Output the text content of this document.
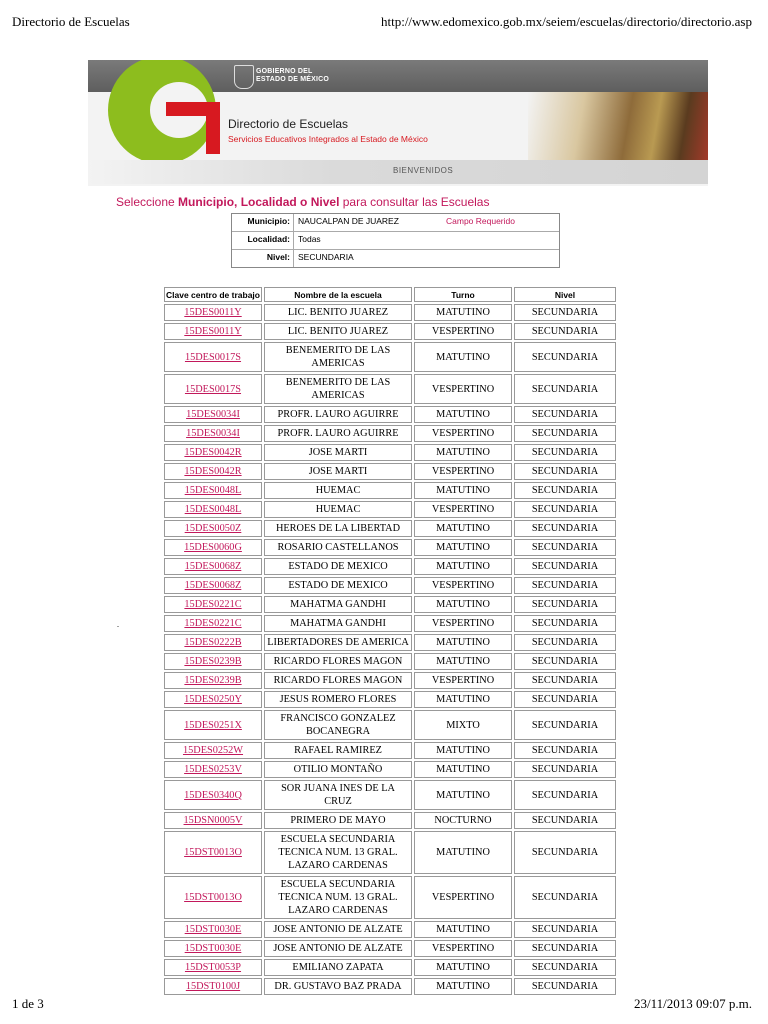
Directorio de Escuelas	http://www.edomexico.gob.mx/seiem/escuelas/directorio/directorio.asp
GOBIERNO DEL
ESTADO DE MÉXICO
Directorio de Escuelas
Servicios Educativos Integrados al Estado de México
BIENVENIDOS
Seleccione Municipio, Localidad o Nivel para consultar las Escuelas
Municipio: NAUCALPAN DE JUAREZ	Campo Requerido
Localidad: Todas
Nivel: SECUNDARIA
.
Clave centro de trabajo	Nombre de la escuela	Turno	Nivel
15DES0011Y	LIC. BENITO JUAREZ	MATUTINO	SECUNDARIA
15DES0011Y	LIC. BENITO JUAREZ	VESPERTINO	SECUNDARIA
15DES0017S	BENEMERITO DE LAS AMERICAS	MATUTINO	SECUNDARIA
15DES0017S	BENEMERITO DE LAS AMERICAS	VESPERTINO	SECUNDARIA
15DES0034I	PROFR. LAURO AGUIRRE	MATUTINO	SECUNDARIA
15DES0034I	PROFR. LAURO AGUIRRE	VESPERTINO	SECUNDARIA
15DES0042R	JOSE MARTI	MATUTINO	SECUNDARIA
15DES0042R	JOSE MARTI	VESPERTINO	SECUNDARIA
15DES0048L	HUEMAC	MATUTINO	SECUNDARIA
15DES0048L	HUEMAC	VESPERTINO	SECUNDARIA
15DES0050Z	HEROES DE LA LIBERTAD	MATUTINO	SECUNDARIA
15DES0060G	ROSARIO CASTELLANOS	MATUTINO	SECUNDARIA
15DES0068Z	ESTADO DE MEXICO	MATUTINO	SECUNDARIA
15DES0068Z	ESTADO DE MEXICO	VESPERTINO	SECUNDARIA
15DES0221C	MAHATMA GANDHI	MATUTINO	SECUNDARIA
15DES0221C	MAHATMA GANDHI	VESPERTINO	SECUNDARIA
15DES0222B	LIBERTADORES DE AMERICA	MATUTINO	SECUNDARIA
15DES0239B	RICARDO FLORES MAGON	MATUTINO	SECUNDARIA
15DES0239B	RICARDO FLORES MAGON	VESPERTINO	SECUNDARIA
15DES0250Y	JESUS ROMERO FLORES	MATUTINO	SECUNDARIA
15DES0251X	FRANCISCO GONZALEZ BOCANEGRA	MIXTO	SECUNDARIA
15DES0252W	RAFAEL RAMIREZ	MATUTINO	SECUNDARIA
15DES0253V	OTILIO MONTAÑO	MATUTINO	SECUNDARIA
15DES0340Q	SOR JUANA INES DE LA CRUZ	MATUTINO	SECUNDARIA
15DSN0005V	PRIMERO DE MAYO	NOCTURNO	SECUNDARIA
15DST0013O	ESCUELA SECUNDARIA TECNICA NUM. 13 GRAL. LAZARO CARDENAS	MATUTINO	SECUNDARIA
15DST0013O	ESCUELA SECUNDARIA TECNICA NUM. 13 GRAL. LAZARO CARDENAS	VESPERTINO	SECUNDARIA
15DST0030E	JOSE ANTONIO DE ALZATE	MATUTINO	SECUNDARIA
15DST0030E	JOSE ANTONIO DE ALZATE	VESPERTINO	SECUNDARIA
15DST0053P	EMILIANO ZAPATA	MATUTINO	SECUNDARIA
15DST0100J	DR. GUSTAVO BAZ PRADA	MATUTINO	SECUNDARIA
1 de 3	23/11/2013 09:07 p.m.
